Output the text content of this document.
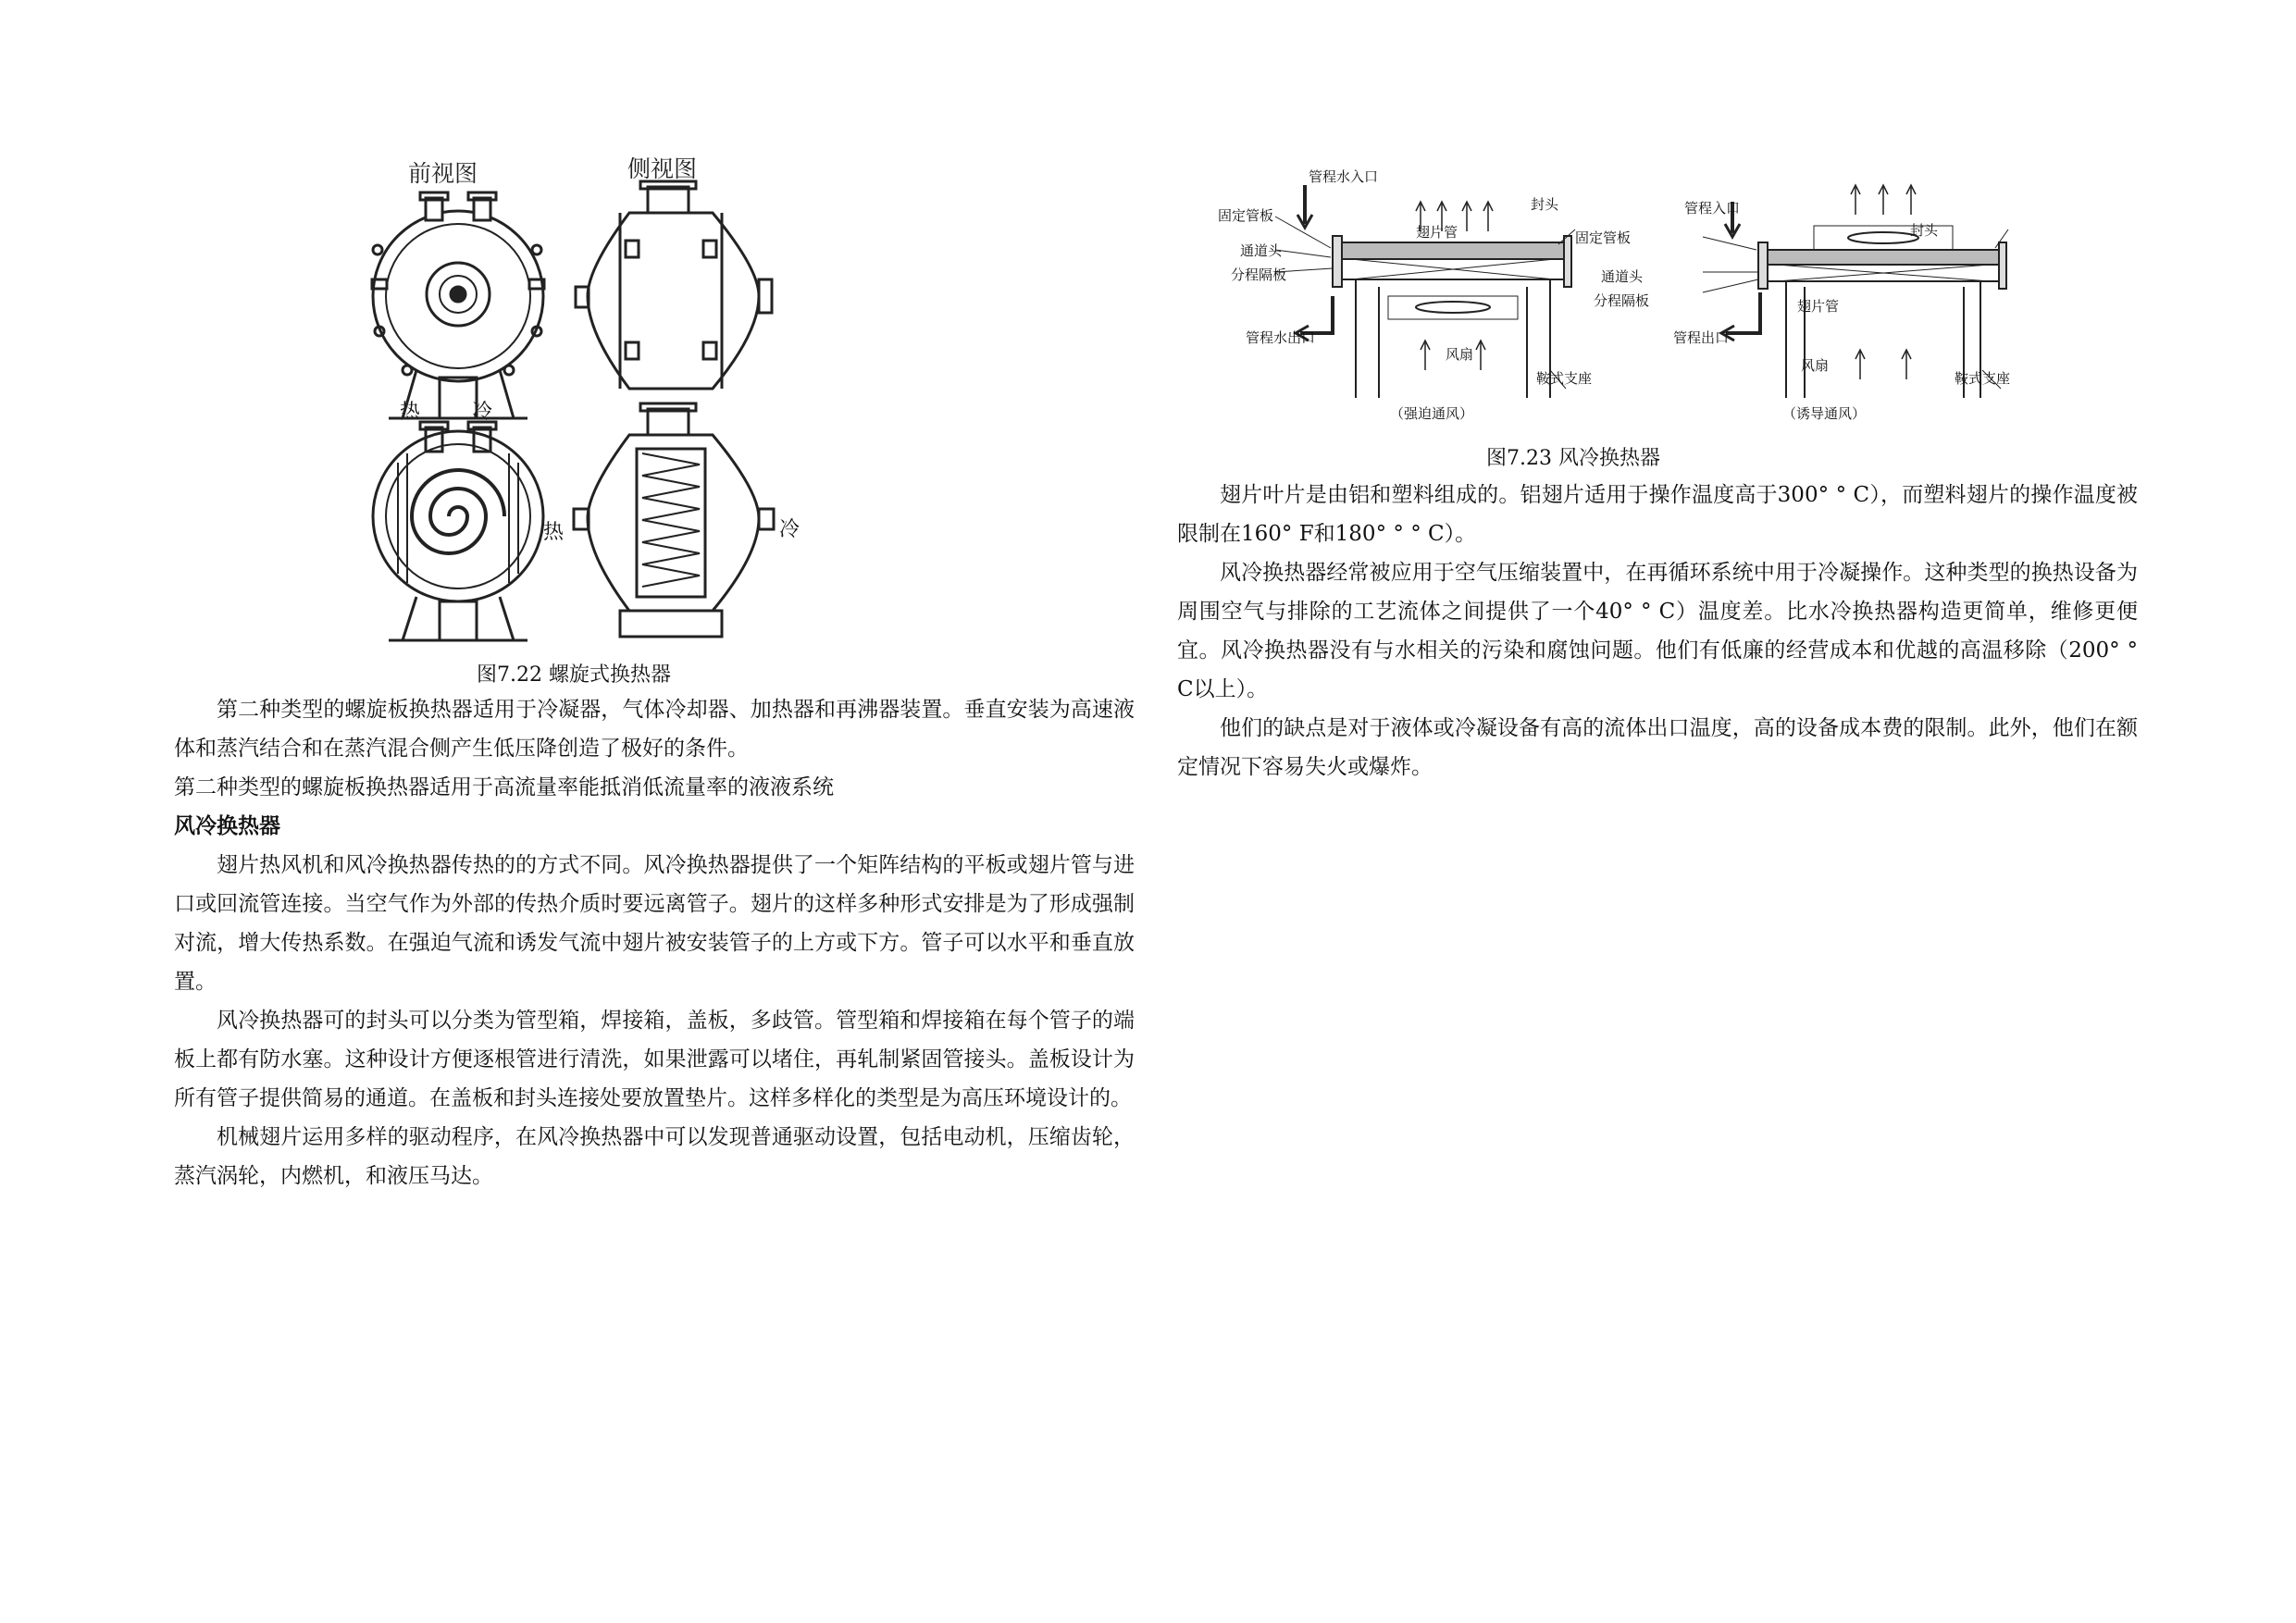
前视图	侧视图
热	冷
热	冷
图7.22 螺旋式换热器

第二种类型的螺旋板换热器适用于冷凝器，气体冷却器、加热器和再沸器装置。垂直安装为高速液体和蒸汽结合和在蒸汽混合侧产生低压降创造了极好的条件。

第二种类型的螺旋板换热器适用于高流量率能抵消低流量率的液液系统

风冷换热器

翅片热风机和风冷换热器传热的的方式不同。风冷换热器提供了一个矩阵结构的平板或翅片管与进口或回流管连接。当空气作为外部的传热介质时要远离管子。翅片的这样多种形式安排是为了形成强制对流，增大传热系数。在强迫气流和诱发气流中翅片被安装管子的上方或下方。管子可以水平和垂直放置。

风冷换热器可的封头可以分类为管型箱，焊接箱，盖板，多歧管。管型箱和焊接箱在每个管子的端板上都有防水塞。这种设计方便逐根管进行清洗，如果泄露可以堵住，再轧制紧固管接头。盖板设计为所有管子提供简易的通道。在盖板和封头连接处要放置垫片。这样多样化的类型是为高压环境设计的。

机械翅片运用多样的驱动程序，在风冷换热器中可以发现普通驱动设置，包括电动机，压缩齿轮，蒸汽涡轮，内燃机，和液压马达。

管程水入口
固定管板
通道头
分程隔板
翅片管
封头
管程水出口
风扇
鞍式支座
（强迫通风）
管程入口
固定管板
通道头
分程隔板	翅片管
封头
管程出口
风扇
鞍式支座
（诱导通风）
图7.23 风冷换热器

翅片叶片是由铝和塑料组成的。铝翅片适用于操作温度高于300° ° C），而塑料翅片的操作温度被限制在160° F和180° ° ° C）。

风冷换热器经常被应用于空气压缩装置中，在再循环系统中用于冷凝操作。这种类型的换热设备为周围空气与排除的工艺流体之间提供了一个40° ° C）温度差。比水冷换热器构造更简单，维修更便宜。风冷换热器没有与水相关的污染和腐蚀问题。他们有低廉的经营成本和优越的高温移除（200° ° C以上）。

他们的缺点是对于液体或冷凝设备有高的流体出口温度，高的设备成本费的限制。此外，他们在额定情况下容易失火或爆炸。
